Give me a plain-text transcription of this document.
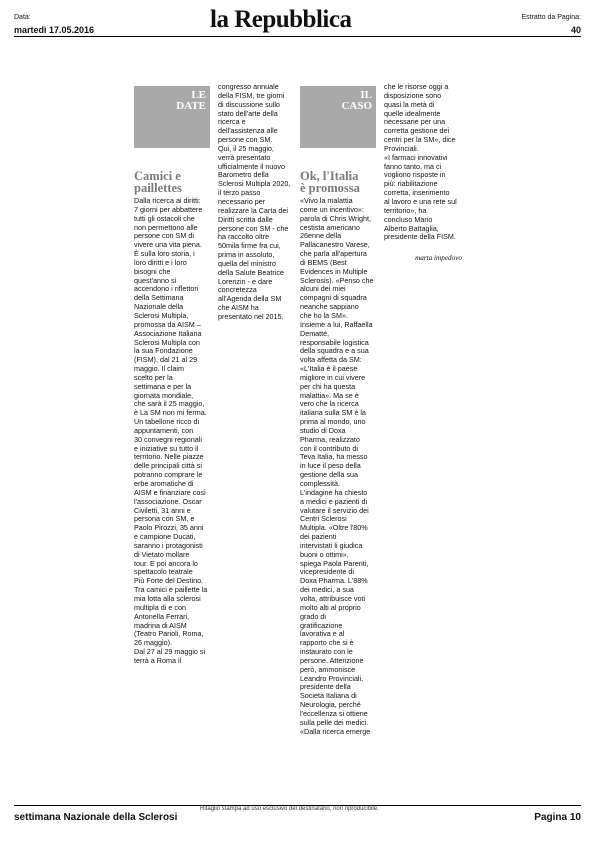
Data:
martedì 17.05.2016	la Repubblica	Estratto da Pagina:
40
LE
DATE
Camici e
paillettes

Dalla ricerca ai diritti:

7 giorni per abbattere

tutti gli ostacoli che

non permettono alle

persone con SM di

vivere una vita piena.

È sulla loro storia, i

loro diritti e i loro

bisogni che

quest'anno si

accendono i riflettori

della Settimana

Nazionale della

Sclerosi Multipla,

promossa da AISM –

Associazione Italiana

Sclerosi Multipla con

la sua Fondazione

(FISM), dal 21 al 29

maggio. Il claim

scelto per la

settimana e per la

giornata mondiale,

che sarà il 25 maggio,

è La SM non mi ferma.

Un tabellone ricco di

appuntamenti, con

30 convegni regionali

e iniziative su tutto il

territorio. Nelle piazze

delle principali città si

potranno comprare le

erbe aromatiche di

AISM e finanziare così

l'associazione. Oscar

Civiletti, 31 anni e

persona con SM, e

Paolo Pirozzi, 35 anni

e campione Ducati,

saranno i protagonisti

di Vietato mollare

tour. E poi ancora lo

spettacolo teatrale

Più Forte del Destino.

Tra camici e paillette la

mia lotta alla sclerosi

multipla di e con

Antonella Ferrari,

madrina di AISM

(Teatro Parioli, Roma,

26 maggio).

Dal 27 al 29 maggio si

terrà a Roma il

congresso annuale

della FISM, tre giorni

di discussione sullo

stato dell'arte della

ricerca e

dell'assistenza alle

persone con SM.

Qui, il 25 maggio,

verrà presentato

ufficialmente il nuovo

Barometro della

Sclerosi Multipla 2020,

il terzo passo

necessario per

realizzare la Carta dei

Diritti scritta dalle

persone con SM - che

ha raccolto oltre

50mila firme fra cui,

prima in assoluto,

quella del ministro

della Salute Beatrice

Lorenzin - e dare

concretezza

all'Agenda della SM

che AISM ha

presentato nel 2015.

IL
CASO
Ok, l'Italia
è promossa

«Vivo la malattia

come un incentivo»:

parola di Chris Wright,

cestista americano

26enne della

Pallacanestro Varese,

che parla all'apertura

di BEMS (Best

Evidences in Multiple

Sclerosis). «Penso che

alcuni dei miei

compagni di squadra

neanche sappiano

che ho la SM».

Insieme a lui, Raffaella

Dematté,

responsabile logistica

della squadra e a sua

volta affetta da SM:

«L'Italia è il paese

migliore in cui vivere

per chi ha questa

malattia». Ma se è

vero che la ricerca

italiana sulla SM è la

prima al mondo, uno

studio di Doxa

Pharma, realizzato

con il contributo di

Teva Italia, ha messo

in luce il peso della

gestione della sua

complessità.

L'indagine ha chiesto

a medici e pazienti di

valutare il servizio dei

Centri Sclerosi

Multipla. «Oltre l'80%

dei pazienti

intervistati li giudica

buoni o ottimi»,

spiega Paola Parenti,

vicepresidente di

Doxa Pharma. L'88%

dei medici, a sua

volta, attribuisce voti

molto alti al proprio

grado di

gratificazione

lavorativa e al

rapporto che si è

instaurato con le

persone. Attenzione

però, ammonisce

Leandro Provinciali,

presidente della

Società Italiana di

Neurologia, perché

l'eccellenza si ottiene

sulla pelle dei medici.

«Dalla ricerca emerge

che le risorse oggi a

disposizione sono

quasi la metà di

quelle idealmente

necessarie per una

corretta gestione dei

centri per la SM», dice

Provinciali.

«I farmaci innovativi

fanno tanto, ma ci

vogliono risposte in

più: riabilitazione

corretta, inserimento

al lavoro e una rete sul

territorio», ha

concluso Mario

Alberto Battaglia,

presidente della FISM.

marta impedovo
settimana Nazionale della Sclerosi
Ritaglio stampa ad uso esclusivo del destinatario, non riproducibile.
Pagina 10
